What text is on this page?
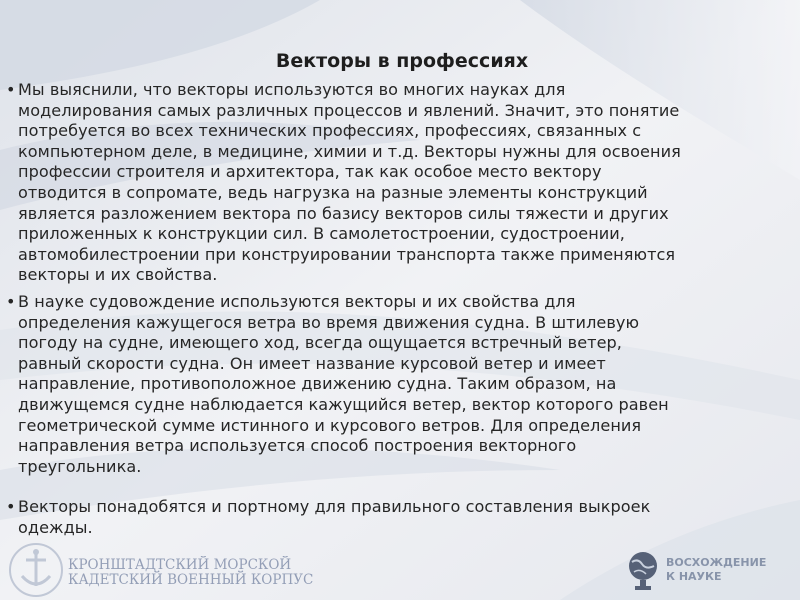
Векторы в профессиях
• Мы выяснили, что векторы используются во многих науках для
моделирования самых различных процессов и явлений. Значит, это понятие
потребуется во всех технических профессиях, профессиях, связанных с
компьютерном деле, в медицине, химии и т.д. Векторы нужны для освоения
профессии строителя и архитектора, так как особое место вектору
отводится в сопромате, ведь нагрузка на разные элементы конструкций
является разложением вектора по базису векторов силы тяжести и других
приложенных к конструкции сил. В самолетостроении, судостроении,
автомобилестроении при конструировании транспорта также применяются
векторы и их свойства.
• В науке судовождение используются векторы и их свойства для
определения кажущегося ветра во время движения судна. В штилевую
погоду на судне, имеющего ход, всегда ощущается встречный ветер,
равный скорости судна. Он имеет название курсовой ветер и имеет
направление, противоположное движению судна. Таким образом, на
движущемся судне наблюдается кажущийся ветер, вектор которого равен
геометрической сумме истинного и курсового ветров. Для определения
направления ветра используется способ построения векторного
треугольника.
• Векторы понадобятся и портному для правильного составления выкроек
одежды.
КРОНШТАДТСКИЙ МОРСКОЙ
КАДЕТСКИЙ ВОЕННЫЙ КОРПУС
ВОСХОЖДЕНИЕ
К НАУКЕ
